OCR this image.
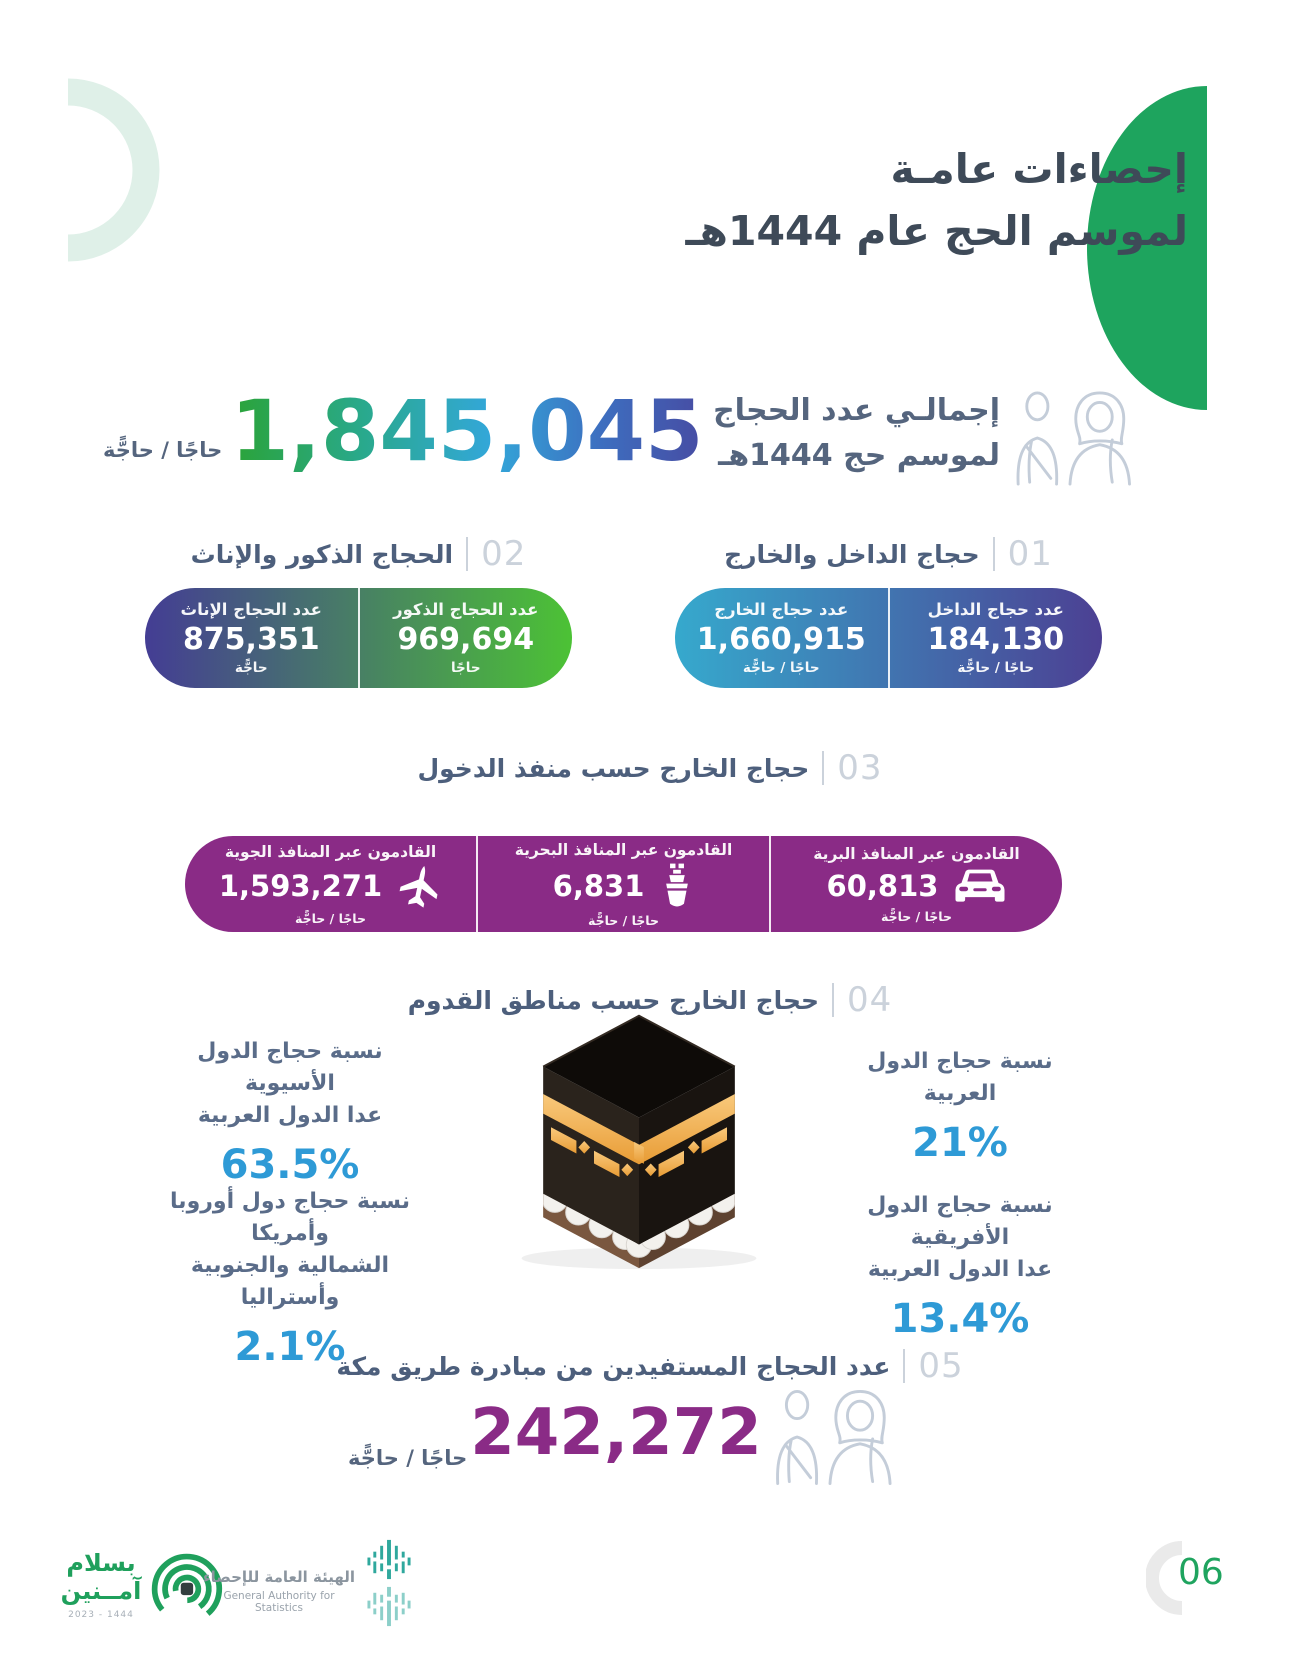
إحصاءات عامـة
لموسم الحج عام 1444هـ
إجمالـي عدد الحجاج
لموسم حج 1444هـ
1,845,045
حاجًا / حاجًّة
01
حجاج الداخل والخارج
عدد حجاج الداخل
184,130
حاجًا / حاجًّة
عدد حجاج الخارج
1,660,915
حاجًا / حاجًّة
02
الحجاج الذكور والإناث
عدد الحجاج الذكور
969,694
حاجًا
عدد الحجاج الإناث
875,351
حاجًّة
03
حجاج الخارج حسب منفذ الدخول
القادمون عبر المنافذ البرية
60,813
حاجًا / حاجًّة
6,831
القادمون عبر المنافذ البحرية
حاجًا / حاجًّة
القادمون عبر المنافذ الجوية
1,593,271
حاجًا / حاجًّة
04
حجاج الخارج حسب مناطق القدوم
نسبة حجاج الدول العربية
21%
نسبة حجاج الدول الأفريقية
عدا الدول العربية
13.4%
نسبة حجاج الدول الأسيوية
عدا الدول العربية
63.5%
نسبة حجاج دول أوروبا وأمريكا
الشمالية والجنوبية وأستراليا
2.1%	05
عدد الحجاج المستفيدين من مبادرة طريق مكة
242,272
حاجًا / حاجًّة
بسلام
آمــنين
2023 - 1444
الهيئة العامة للإحصاء
General Authority for Statistics
06
